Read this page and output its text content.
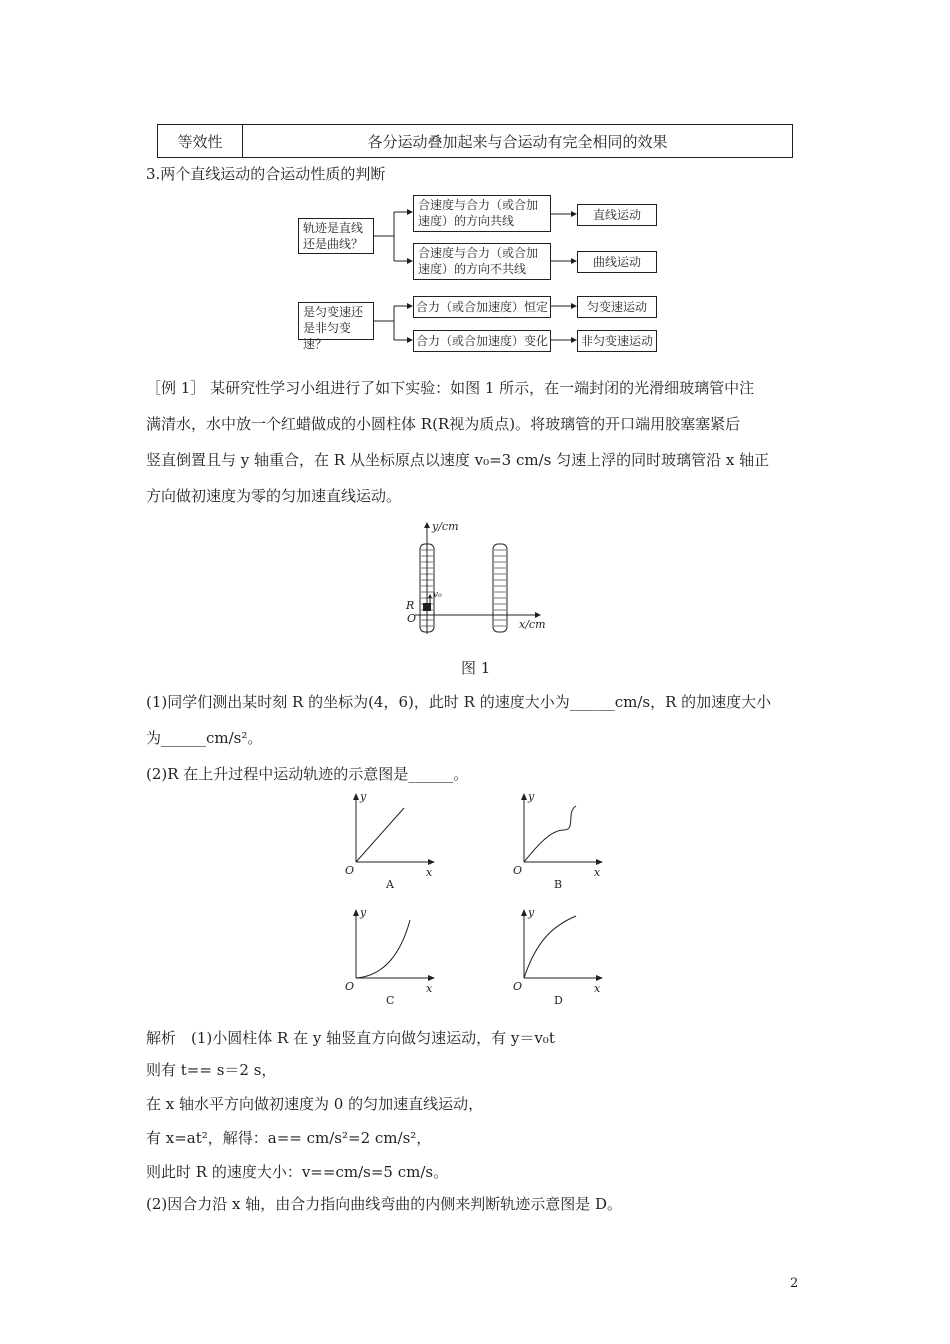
等效性	各分运动叠加起来与合运动有完全相同的效果
3.两个直线运动的合运动性质的判断
轨迹是直线
还是曲线？
合速度与合力（或合加
速度）的方向共线	直线运动
合速度与合力（或合加
速度）的方向不共线	曲线运动
是匀变速还
是非匀变速？
合力（或合加速度）恒定	匀变速运动
合力（或合加速度）变化	非匀变速运动
［例 1］ 某研究性学习小组进行了如下实验：如图 1 所示，在一端封闭的光滑细玻璃管中注
满清水，水中放一个红蜡做成的小圆柱体 R(R视为质点)。将玻璃管的开口端用胶塞塞紧后
竖直倒置且与 y 轴重合，在 R 从坐标原点以速度 v₀=3 cm/s 匀速上浮的同时玻璃管沿 x 轴正
方向做初速度为零的匀加速直线运动。
y/cm
x/cm
R
O
v₀
图 1
(1)同学们测出某时刻 R 的坐标为(4，6)，此时 R 的速度大小为______cm/s，R 的加速度大小
为______cm/s²。
(2)R 在上升过程中运动轨迹的示意图是______。
y
x
O
A
y
x
O
B
y
x
O
C
y
x
O
D
解析　(1)小圆柱体 R 在 y 轴竖直方向做匀速运动，有 y＝v₀t
则有 t== s＝2 s，
在 x 轴水平方向做初速度为 0 的匀加速直线运动，
有 x=at²，解得：a== cm/s²=2 cm/s²，
则此时 R 的速度大小：v==cm/s=5 cm/s。
(2)因合力沿 x 轴，由合力指向曲线弯曲的内侧来判断轨迹示意图是 D。
2
